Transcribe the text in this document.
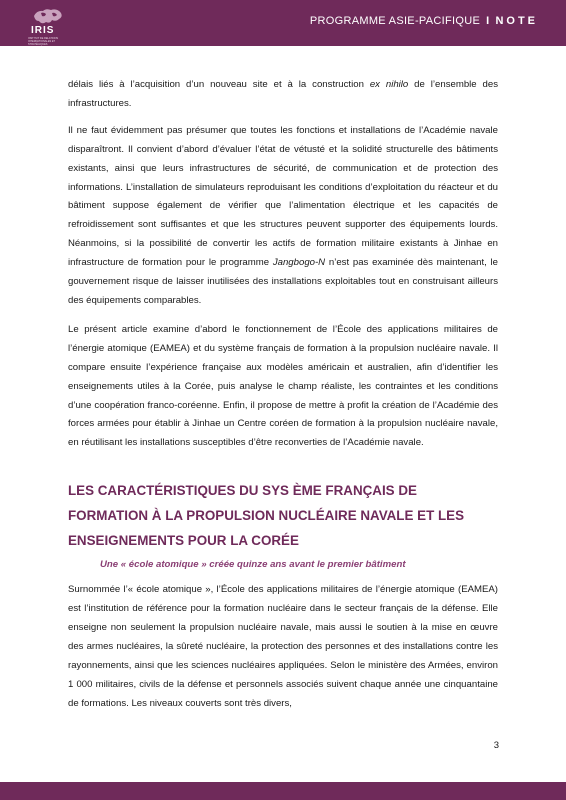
IRIS
INSTITUT DE RELATIONS INTERNATIONALES ET STRATÉGIQUES
PROGRAMME ASIE-PACIFIQUE I NOTE

délais liés à l’acquisition d’un nouveau site et à la construction ex nihilo de l’ensemble des infrastructures.

Il ne faut évidemment pas présumer que toutes les fonctions et installations de l’Académie navale disparaîtront. Il convient d’abord d’évaluer l’état de vétusté et la solidité structurelle des bâtiments existants, ainsi que leurs infrastructures de sécurité, de communication et de protection des informations. L’installation de simulateurs reproduisant les conditions d’exploitation du réacteur et du bâtiment suppose également de vérifier que l’alimentation électrique et les capacités de refroidissement sont suffisantes et que les structures peuvent supporter des équipements lourds. Néanmoins, si la possibilité de convertir les actifs de formation militaire existants à Jinhae en infrastructure de formation pour le programme Jangbogo-N n’est pas examinée dès maintenant, le gouvernement risque de laisser inutilisées des installations exploitables tout en construisant ailleurs des équipements comparables.

Le présent article examine d’abord le fonctionnement de l’École des applications militaires de l’énergie atomique (EAMEA) et du système français de formation à la propulsion nucléaire navale. Il compare ensuite l’expérience française aux modèles américain et australien, afin d’identifier les enseignements utiles à la Corée, puis analyse le champ réaliste, les contraintes et les conditions d’une coopération franco-coréenne. Enfin, il propose de mettre à profit la création de l’Académie des forces armées pour établir à Jinhae un Centre coréen de formation à la propulsion nucléaire navale, en réutilisant les installations susceptibles d’être reconverties de l’Académie navale.

LES CARACTÉRISTIQUES DU SYS ÈME FRANÇAIS DE FORMATION À LA PROPULSION NUCLÉAIRE NAVALE ET LES ENSEIGNEMENTS POUR LA CORÉE
Une « école atomique » créée quinze ans avant le premier bâtiment

Surnommée l’« école atomique », l’École des applications militaires de l’énergie atomique (EAMEA) est l’institution de référence pour la formation nucléaire dans le secteur français de la défense. Elle enseigne non seulement la propulsion nucléaire navale, mais aussi le soutien à la mise en œuvre des armes nucléaires, la sûreté nucléaire, la protection des personnes et des installations contre les rayonnements, ainsi que les sciences nucléaires appliquées. Selon le ministère des Armées, environ 1 000 militaires, civils de la défense et personnels associés suivent chaque année une cinquantaine de formations. Les niveaux couverts sont très divers,

3
